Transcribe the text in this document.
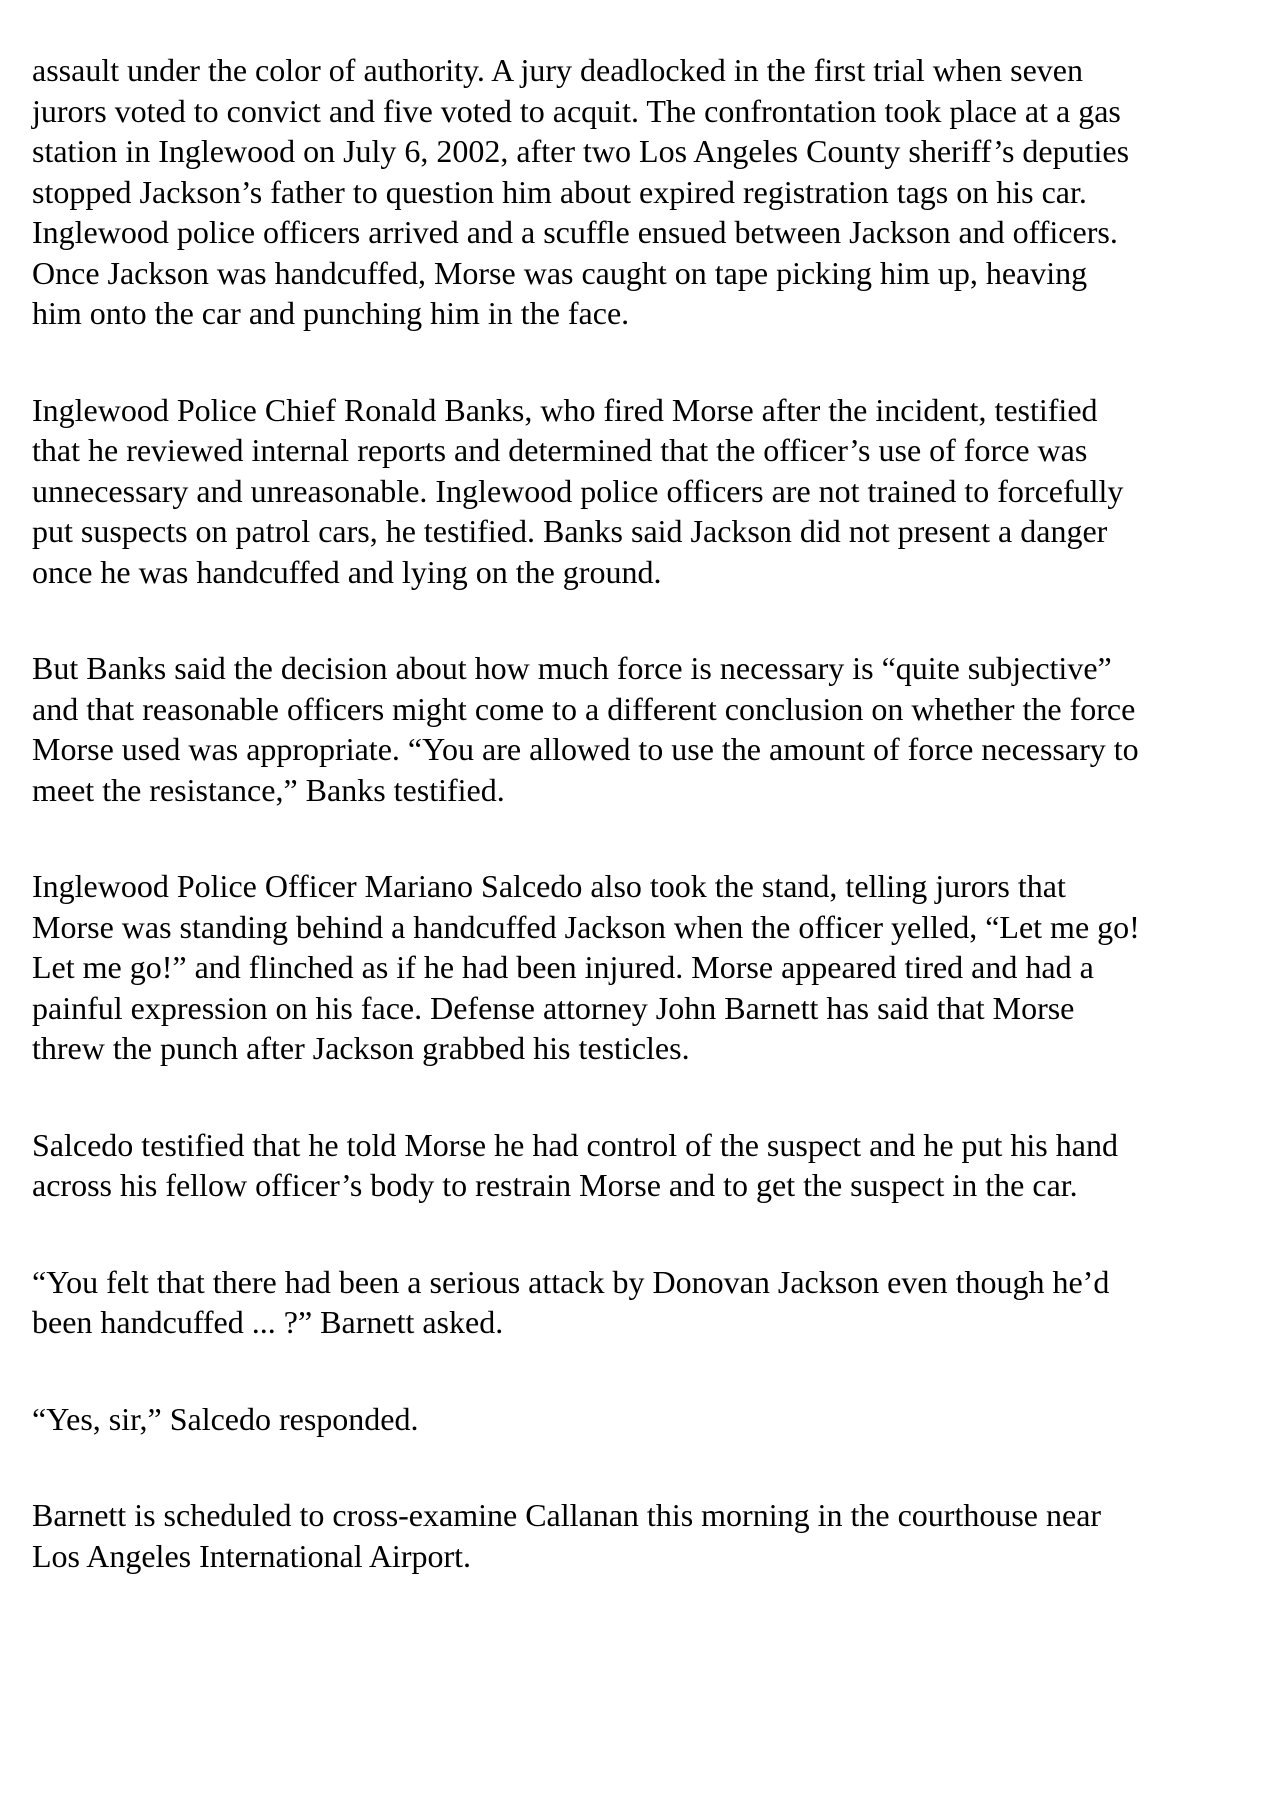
assault under the color of authority. A jury deadlocked in the first trial when seven
jurors voted to convict and five voted to acquit. The confrontation took place at a gas
station in Inglewood on July 6, 2002, after two Los Angeles County sheriff’s deputies
stopped Jackson’s father to question him about expired registration tags on his car.
Inglewood police officers arrived and a scuffle ensued between Jackson and officers.
Once Jackson was handcuffed, Morse was caught on tape picking him up, heaving
him onto the car and punching him in the face.

Inglewood Police Chief Ronald Banks, who fired Morse after the incident, testified
that he reviewed internal reports and determined that the officer’s use of force was
unnecessary and unreasonable. Inglewood police officers are not trained to forcefully
put suspects on patrol cars, he testified. Banks said Jackson did not present a danger
once he was handcuffed and lying on the ground.

But Banks said the decision about how much force is necessary is “quite subjective”
and that reasonable officers might come to a different conclusion on whether the force
Morse used was appropriate. “You are allowed to use the amount of force necessary to
meet the resistance,” Banks testified.

Inglewood Police Officer Mariano Salcedo also took the stand, telling jurors that
Morse was standing behind a handcuffed Jackson when the officer yelled, “Let me go!
Let me go!” and flinched as if he had been injured. Morse appeared tired and had a
painful expression on his face. Defense attorney John Barnett has said that Morse
threw the punch after Jackson grabbed his testicles.

Salcedo testified that he told Morse he had control of the suspect and he put his hand
across his fellow officer’s body to restrain Morse and to get the suspect in the car.

“You felt that there had been a serious attack by Donovan Jackson even though he’d
been handcuffed ... ?” Barnett asked.

“Yes, sir,” Salcedo responded.

Barnett is scheduled to cross-examine Callanan this morning in the courthouse near
Los Angeles International Airport.
